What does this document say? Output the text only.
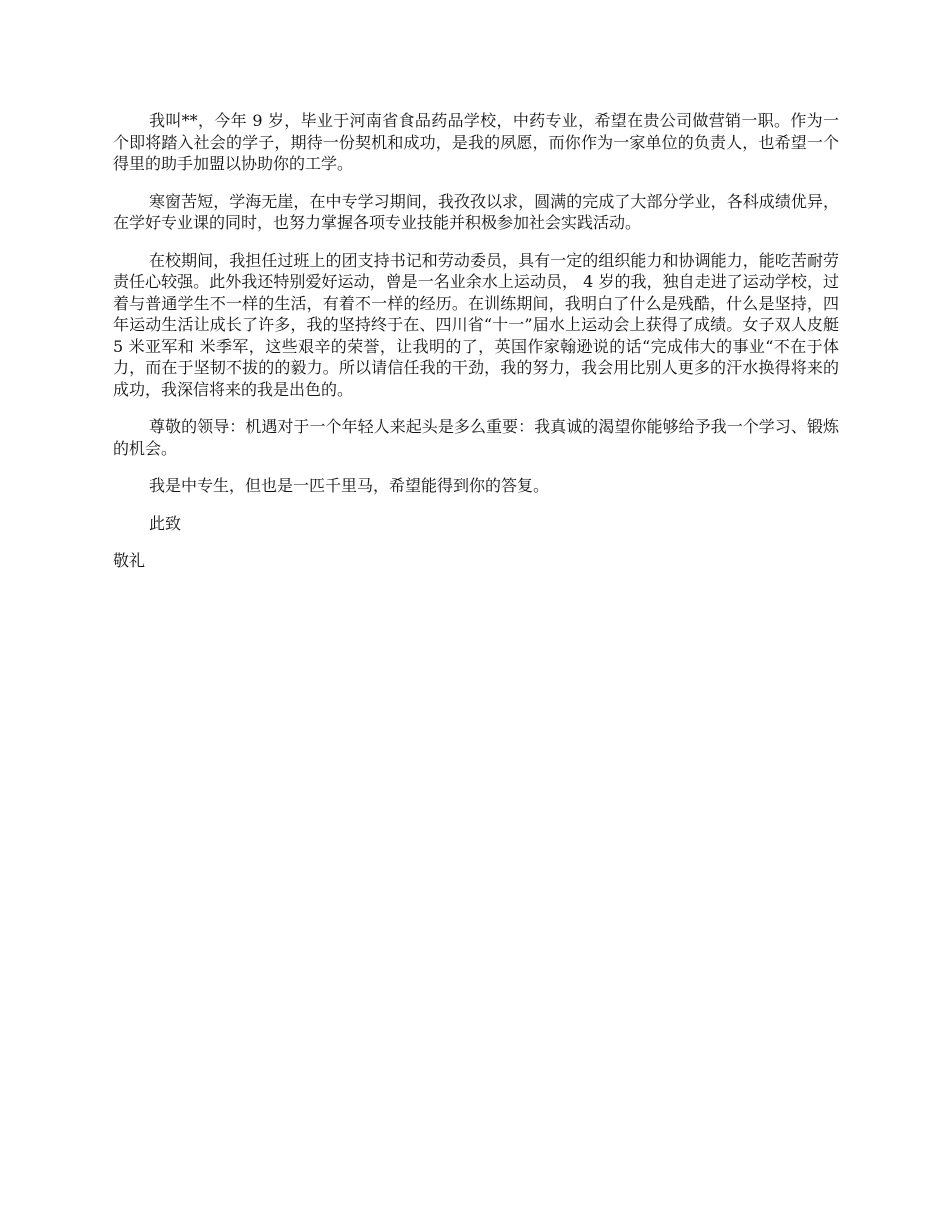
我叫**，今年 9 岁，毕业于河南省食品药品学校，中药专业，希望在贵公司做营销一职。作为一个即将踏入社会的学子，期待一份契机和成功，是我的夙愿，而你作为一家单位的负责人，也希望一个得里的助手加盟以协助你的工学。

寒窗苦短，学海无崖，在中专学习期间，我孜孜以求，圆满的完成了大部分学业，各科成绩优异，在学好专业课的同时，也努力掌握各项专业技能并积极参加社会实践活动。

在校期间，我担任过班上的团支持书记和劳动委员，具有一定的组织能力和协调能力，能吃苦耐劳责任心较强。此外我还特别爱好运动，曾是一名业余水上运动员， 4 岁的我，独自走进了运动学校，过着与普通学生不一样的生活，有着不一样的经历。在训练期间，我明白了什么是残酷，什么是坚持，四年运动生活让成长了许多，我的坚持终于在、四川省“十一”届水上运动会上获得了成绩。女子双人皮艇 5 米亚军和 米季军，这些艰辛的荣誉，让我明的了，英国作家翰逊说的话“完成伟大的事业“不在于体力，而在于坚韧不拔的的毅力。所以请信任我的干劲，我的努力，我会用比别人更多的汗水换得将来的成功，我深信将来的我是出色的。

尊敬的领导：机遇对于一个年轻人来起头是多么重要：我真诚的渴望你能够给予我一个学习、锻炼的机会。

我是中专生，但也是一匹千里马，希望能得到你的答复。

此致

敬礼
